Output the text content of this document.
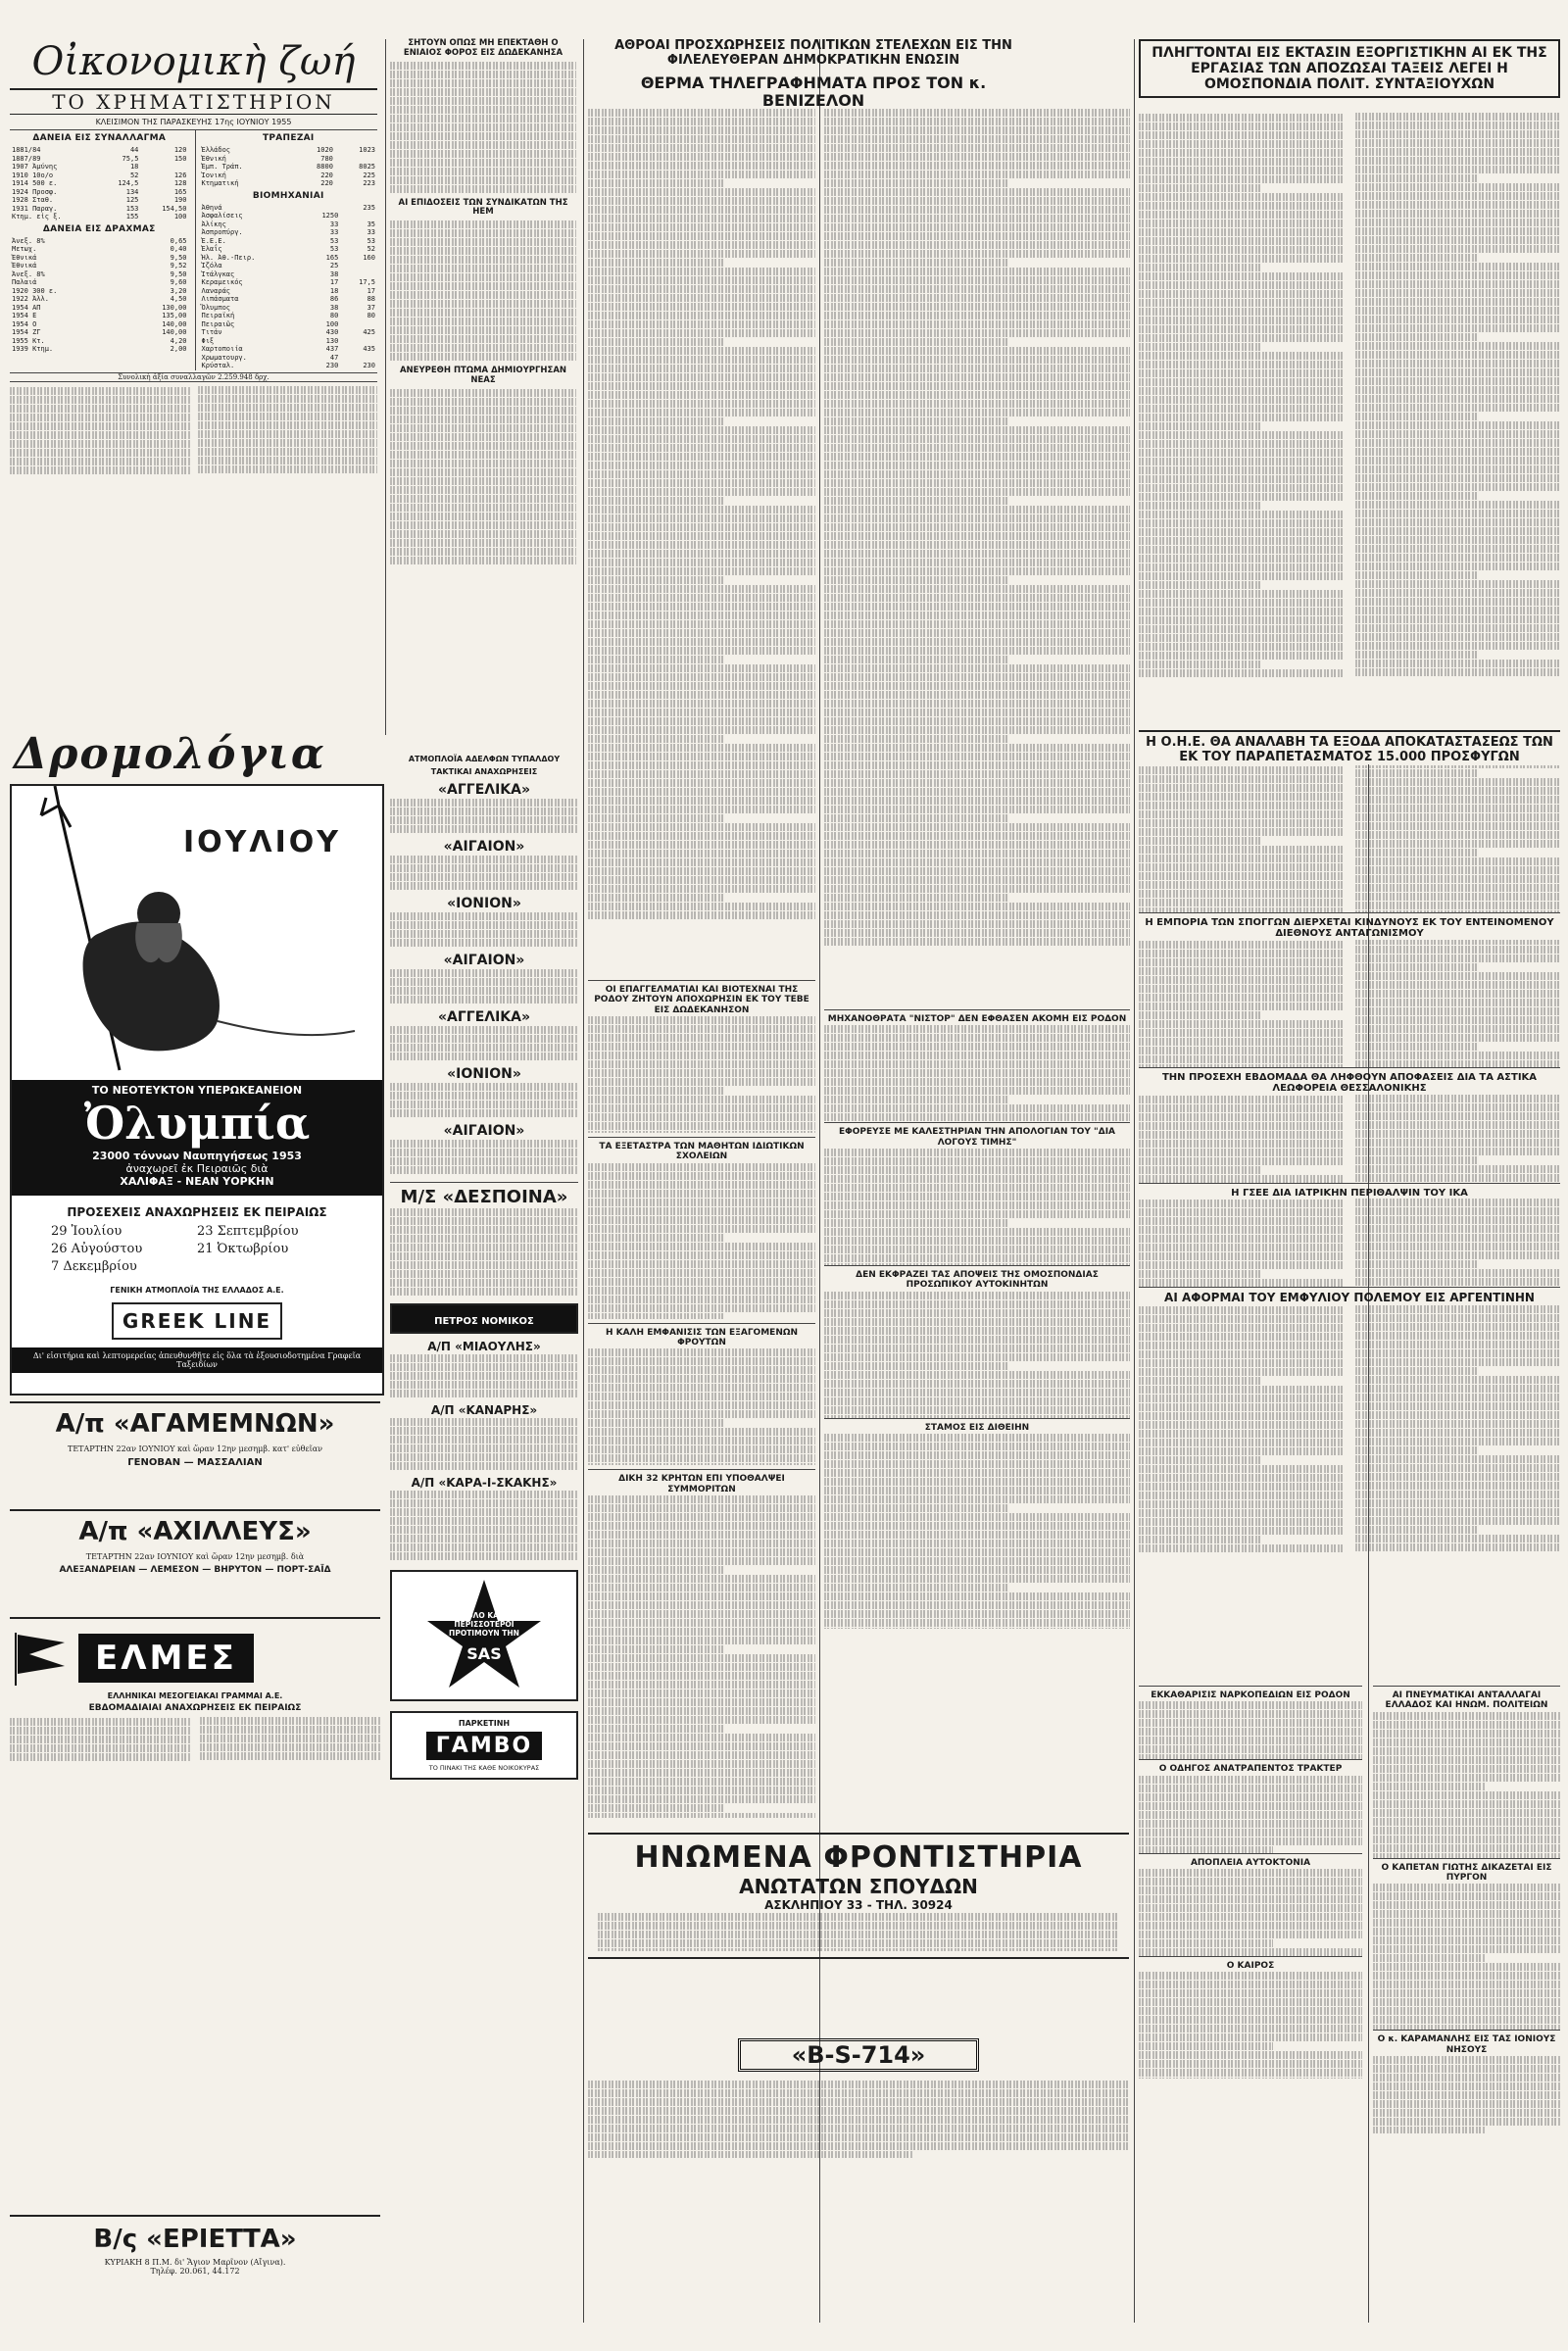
Οἰκονομικὴ ζωή
ΤΟ ΧΡΗΜΑΤΙΣΤΗΡΙΟΝ
ΚΛΕΙΣΙΜΟΝ ΤΗΣ ΠΑΡΑΣΚΕΥΗΣ 17ης ΙΟΥΝΙΟΥ 1955
ΔΑΝΕΙΑ ΕΙΣ ΣΥΝΑΛΛΑΓΜΑ
1881/84	44	120
1887/89	75,5	150
1907 Ἀμύνης	18	
1910 10ο/ο	52	126
1914 500 ε.	124,5	128
1924 Προσφ.	134	165
1928 Σταθ.	125	190
1931 Παραγ.	153	154,50
Κτημ. εἰς ξ.	155	100
ΔΑΝΕΙΑ ΕΙΣ ΔΡΑΧΜΑΣ
Ἀνεξ. 8%	0,65
Μετωχ.	0,40
Ἐθνικά	9,50
Ἐθνικά	9,52
Ἀνεξ. 8%	9,50
Παλαιά	9,60
1920 300 ε.	3,20
1922 Ἀλλ.	4,50
1954 ΑΠ	130,00
1954 Ε	135,00
1954 Ο	140,00
1954 ΖΓ	140,00
1955 Κτ.	4,20
1939 Κτημ.	2,00
ΤΡΑΠΕΖΑΙ
Ἑλλάδος	1020	1023
Ἐθνική	780	
Ἐμπ. Τράπ.	8800	8025
Ἰονική	220	225
Κτηματική	220	223
ΒΙΟΜΗΧΑΝΙΑΙ
Ἀθηνά		235
Ἀσφαλίσεις	1250	
Ἀλίκης	33	35
Ἀσπροπύργ.	33	33
Ἐ.Ε.Ε.	53	53
Ἐλαΐς	53	52
Ἠλ. Ἀθ.-Πειρ.	165	160
Ἰζόλα	25	
Ἰτάλγκας	38	
Κεραμεικός	17	17,5
Λαναράς	18	17
Λιπάσματα	86	88
Ὄλυμπος	38	37
Πειραϊκή	80	80
Πειραιῶς	100	
Τιτάν	430	425
Φιξ	130	
Χαρτοποιία	437	435
Χρωματουργ.	47	
Κρύσταλ.	230	230
Συνολικὴ ἀξία συναλλαγῶν 2.259.948 δρχ.
ΣΗΤΟΥΝ ΟΠΩΣ ΜΗ ΕΠΕΚΤΑΘΗ Ο ΕΝΙΑΙΟΣ ΦΟΡΟΣ ΕΙΣ ΔΩΔΕΚΑΝΗΣΑ
ΑΙ ΕΠΙΔΟΣΕΙΣ ΤΩΝ ΣΥΝΔΙΚΑΤΩΝ ΤΗΣ ΗΕΜ
ΑΝΕΥΡΕΘΗ ΠΤΩΜΑ ΔΗΜΙΟΥΡΓΗΣΑΝ ΝΕΑΣ
Δρομολόγια
ΙΟΥΛΙΟΥ
ΤΟ ΝΕΟΤΕΥΚΤΟΝ ΥΠΕΡΩΚΕΑΝΕΙΟΝ
Ὀλυμπία
23000 τόννων Ναυπηγήσεως 1953
ἀναχωρεῖ ἐκ Πειραιῶς διὰ
ΧΑΛΙΦΑΞ - ΝΕΑΝ ΥΟΡΚΗΝ
ΠΡΟΣΕΧΕΙΣ ΑΝΑΧΩΡΗΣΕΙΣ ΕΚ ΠΕΙΡΑΙΩΣ
29 Ἰουλίου	23 Σεπτεμβρίου
26 Αὐγούστου	21 Ὀκτωβρίου
7 Δεκεμβρίου
ΓΕΝΙΚΗ ΑΤΜΟΠΛΟΪΑ ΤΗΣ ΕΛΛΑΔΟΣ Α.Ε.
GREEK LINE
Δι' εἰσιτήρια καὶ λεπτομερείας ἀπευθυνθῆτε εἰς ὅλα τὰ ἐξουσιοδοτημένα Γραφεῖα Ταξειδίων
Α/π «ΑΓΑΜΕΜΝΩΝ»
ΤΕΤΑΡΤΗΝ 22αν ΙΟΥΝΙΟΥ καὶ ὥραν 12ην μεσημβ. κατ' εὐθεῖαν
ΓΕΝΟΒΑΝ — ΜΑΣΣΑΛΙΑΝ
Α/π «ΑΧΙΛΛΕΥΣ»
ΤΕΤΑΡΤΗΝ 22αν ΙΟΥΝΙΟΥ καὶ ὥραν 12ην μεσημβ. διὰ
ΑΛΕΞΑΝΔΡΕΙΑΝ — ΛΕΜΕΣΟΝ — ΒΗΡΥΤΟΝ — ΠΟΡΤ-ΣΑΪΔ
ΕΛΜΕΣ
ΕΛΛΗΝΙΚΑΙ ΜΕΣΟΓΕΙΑΚΑΙ ΓΡΑΜΜΑΙ Α.Ε.
ΕΒΔΟΜΑΔΙΑΙΑΙ ΑΝΑΧΩΡΗΣΕΙΣ ΕΚ ΠΕΙΡΑΙΩΣ
Β/ς «ΕΡΙΕΤΤΑ»
ΚΥΡΙΑΚΗ 8 Π.Μ. δι' Ἅγιον Μαρῖνον (Αἴγινα).
Τηλέφ. 20.061, 44.172
ΑΤΜΟΠΛΟΪΑ ΑΔΕΛΦΩΝ ΤΥΠΑΛΔΟΥ
ΤΑΚΤΙΚΑΙ ΑΝΑΧΩΡΗΣΕΙΣ
«ΑΓΓΕΛΙΚΑ»
«ΑΙΓΑΙΟΝ»
«ΙΟΝΙΟΝ»
«ΑΙΓΑΙΟΝ»
«ΑΓΓΕΛΙΚΑ»
«ΙΟΝΙΟΝ»
«ΑΙΓΑΙΟΝ»
Μ/Σ «ΔΕΣΠΟΙΝΑ»
ΠΕΤΡΟΣ ΝΟΜΙΚΟΣ
Α/Π «ΜΙΑΟΥΛΗΣ»
Α/Π «ΚΑΝΑΡΗΣ»
Α/Π «ΚΑΡΑ-Ι-ΣΚΑΚΗΣ»
ΟΛΟ ΚΑΙ ΠΕΡΙΣΣΟΤΕΡΟΙ ΠΡΟΤΙΜΟΥΝ ΤΗΝ
SAS
ΠΑΡΚΕΤΙΝΗ
ΓΑΜΒΟ
ΤΟ ΠΙΝΑΚΙ ΤΗΣ ΚΑΘΕ ΝΟΙΚΟΚΥΡΑΣ
ΑΘΡΟΑΙ ΠΡΟΣΧΩΡΗΣΕΙΣ ΠΟΛΙΤΙΚΩΝ ΣΤΕΛΕΧΩΝ ΕΙΣ ΤΗΝ ΦΙΛΕΛΕΥΘΕΡΑΝ ΔΗΜΟΚΡΑΤΙΚΗΝ ΕΝΩΣΙΝ
ΘΕΡΜΑ ΤΗΛΕΓΡΑΦΗΜΑΤΑ ΠΡΟΣ ΤΟΝ κ. ΒΕΝΙΖΕΛΟΝ
ΟΙ ΕΠΑΓΓΕΛΜΑΤΙΑΙ ΚΑΙ ΒΙΟΤΕΧΝΑΙ ΤΗΣ ΡΟΔΟΥ ΖΗΤΟΥΝ ΑΠΟΧΩΡΗΣΙΝ ΕΚ ΤΟΥ ΤΕΒΕ ΕΙΣ ΔΩΔΕΚΑΝΗΣΟΝ
ΤΑ ΕΞΕΤΑΣΤΡΑ ΤΩΝ ΜΑΘΗΤΩΝ ΙΔΙΩΤΙΚΩΝ ΣΧΟΛΕΙΩΝ
Η ΚΑΛΗ ΕΜΦΑΝΙΣΙΣ ΤΩΝ ΕΞΑΓΟΜΕΝΩΝ ΦΡΟΥΤΩΝ
ΔΙΚΗ 32 ΚΡΗΤΩΝ ΕΠΙ ΥΠΟΘΑΛΨΕΙ ΣΥΜΜΟΡΙΤΩΝ
ΜΗΧΑΝΟΘΡΑΤΑ "ΝΙΣΤΟΡ" ΔΕΝ ΕΦΘΑΣΕΝ ΑΚΟΜΗ ΕΙΣ ΡΟΔΟΝ
ΕΦΟΡΕΥΣΕ ΜΕ ΚΑΛΕΣΤΗΡΙΑΝ ΤΗΝ ΑΠΟΛΟΓΙΑΝ ΤΟΥ "ΔΙΑ ΛΟΓΟΥΣ ΤΙΜΗΣ"
ΔΕΝ ΕΚΦΡΑΖΕΙ ΤΑΣ ΑΠΟΨΕΙΣ ΤΗΣ ΟΜΟΣΠΟΝΔΙΑΣ ΠΡΟΣΩΠΙΚΟΥ ΑΥΤΟΚΙΝΗΤΩΝ
ΣΤΑΜΟΣ ΕΙΣ ΔΙΘΕΙΗΝ
ΗΝΩΜΕΝΑ ΦΡΟΝΤΙΣΤΗΡΙΑ
ΑΝΩΤΑΤΩΝ ΣΠΟΥΔΩΝ
ΑΣΚΛΗΠΙΟΥ 33 - ΤΗΛ. 30924
«B-S-714»
ΠΛΗΓΤΟΝΤΑΙ ΕΙΣ ΕΚΤΑΣΙΝ ΕΞΟΡΓΙΣΤΙΚΗΝ ΑΙ ΕΚ ΤΗΣ ΕΡΓΑΣΙΑΣ ΤΩΝ ΑΠΟΖΩΣΑΙ ΤΑΞΕΙΣ ΛΕΓΕΙ Η ΟΜΟΣΠΟΝΔΙΑ ΠΟΛΙΤ. ΣΥΝΤΑΞΙΟΥΧΩΝ
Η Ο.Η.Ε. ΘΑ ΑΝΑΛΑΒΗ ΤΑ ΕΞΟΔΑ ΑΠΟΚΑΤΑΣΤΑΣΕΩΣ ΤΩΝ ΕΚ ΤΟΥ ΠΑΡΑΠΕΤΑΣΜΑΤΟΣ 15.000 ΠΡΟΣΦΥΓΩΝ
Η ΕΜΠΟΡΙΑ ΤΩΝ ΣΠΟΓΓΩΝ ΔΙΕΡΧΕΤΑΙ ΚΙΝΔΥΝΟΥΣ ΕΚ ΤΟΥ ΕΝΤΕΙΝΟΜΕΝΟΥ ΔΙΕΘΝΟΥΣ ΑΝΤΑΓΩΝΙΣΜΟΥ
ΤΗΝ ΠΡΟΣΕΧΗ ΕΒΔΟΜΑΔΑ ΘΑ ΛΗΦΘΟΥΝ ΑΠΟΦΑΣΕΙΣ ΔΙΑ ΤΑ ΑΣΤΙΚΑ ΛΕΩΦΟΡΕΙΑ ΘΕΣΣΑΛΟΝΙΚΗΣ
Η ΓΣΕΕ ΔΙΑ ΙΑΤΡΙΚΗΝ ΠΕΡΙΘΑΛΨΙΝ ΤΟΥ ΙΚΑ
ΑΙ ΑΦΟΡΜΑΙ ΤΟΥ ΕΜΦΥΛΙΟΥ ΠΟΛΕΜΟΥ ΕΙΣ ΑΡΓΕΝΤΙΝΗΝ
ΕΚΚΑΘΑΡΙΣΙΣ ΝΑΡΚΟΠΕΔΙΩΝ ΕΙΣ ΡΟΔΟΝ
Ο ΟΔΗΓΟΣ ΑΝΑΤΡΑΠΕΝΤΟΣ ΤΡΑΚΤΕΡ
ΑΠΟΠΛΕΙΑ ΑΥΤΟΚΤΟΝΙΑ
Ο ΚΑΙΡΟΣ
ΑΙ ΠΝΕΥΜΑΤΙΚΑΙ ΑΝΤΑΛΛΑΓΑΙ ΕΛΛΑΔΟΣ ΚΑΙ ΗΝΩΜ. ΠΟΛΙΤΕΙΩΝ
Ο ΚΑΠΕΤΑΝ ΓΙΩΤΗΣ ΔΙΚΑΖΕΤΑΙ ΕΙΣ ΠΥΡΓΟΝ
Ο κ. ΚΑΡΑΜΑΝΛΗΣ ΕΙΣ ΤΑΣ ΙΟΝΙΟΥΣ ΝΗΣΟΥΣ
